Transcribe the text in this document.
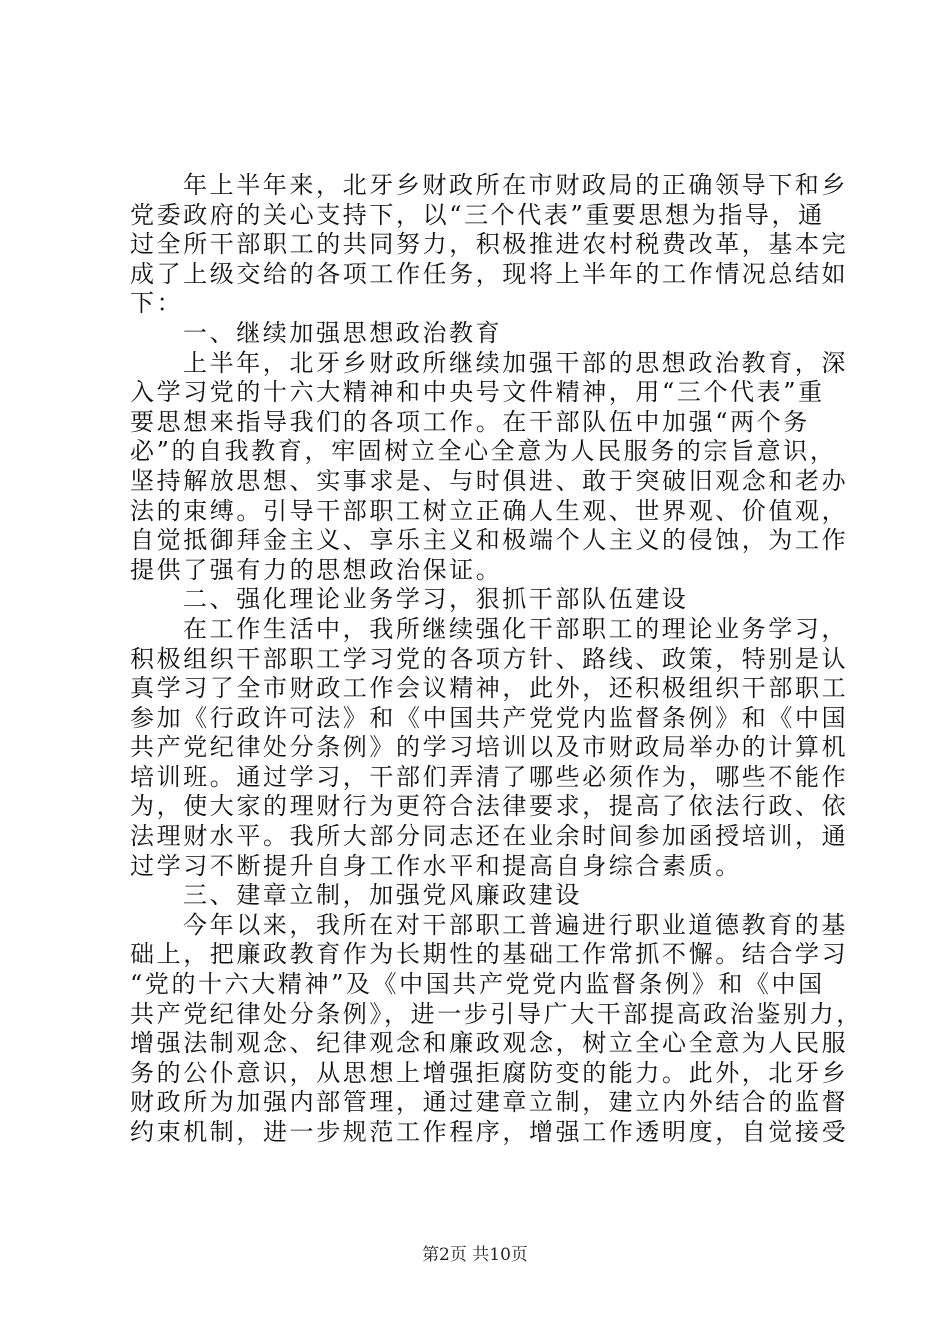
年上半年来，北牙乡财政所在市财政局的正确领导下和乡
党委政府的关心支持下，以“三个代表”重要思想为指导，通
过全所干部职工的共同努力，积极推进农村税费改革，基本完
成了上级交给的各项工作任务，现将上半年的工作情况总结如
下：
一、继续加强思想政治教育
上半年，北牙乡财政所继续加强干部的思想政治教育，深
入学习党的十六大精神和中央号文件精神，用“三个代表”重
要思想来指导我们的各项工作。在干部队伍中加强“两个务
必”的自我教育，牢固树立全心全意为人民服务的宗旨意识，
坚持解放思想、实事求是、与时俱进、敢于突破旧观念和老办
法的束缚。引导干部职工树立正确人生观、世界观、价值观，
自觉抵御拜金主义、享乐主义和极端个人主义的侵蚀，为工作
提供了强有力的思想政治保证。
二、强化理论业务学习，狠抓干部队伍建设
在工作生活中，我所继续强化干部职工的理论业务学习，
积极组织干部职工学习党的各项方针、路线、政策，特别是认
真学习了全市财政工作会议精神，此外，还积极组织干部职工
参加《行政许可法》和《中国共产党党内监督条例》和《中国
共产党纪律处分条例》的学习培训以及市财政局举办的计算机
培训班。通过学习，干部们弄清了哪些必须作为，哪些不能作
为，使大家的理财行为更符合法律要求，提高了依法行政、依
法理财水平。我所大部分同志还在业余时间参加函授培训，通
过学习不断提升自身工作水平和提高自身综合素质。
三、建章立制，加强党风廉政建设
今年以来，我所在对干部职工普遍进行职业道德教育的基
础上，把廉政教育作为长期性的基础工作常抓不懈。结合学习
“党的十六大精神”及《中国共产党党内监督条例》和《中国
共产党纪律处分条例》，进一步引导广大干部提高政治鉴别力，
增强法制观念、纪律观念和廉政观念，树立全心全意为人民服
务的公仆意识，从思想上增强拒腐防变的能力。此外，北牙乡
财政所为加强内部管理，通过建章立制，建立内外结合的监督
约束机制，进一步规范工作程序，增强工作透明度，自觉接受
第2页 共10页
